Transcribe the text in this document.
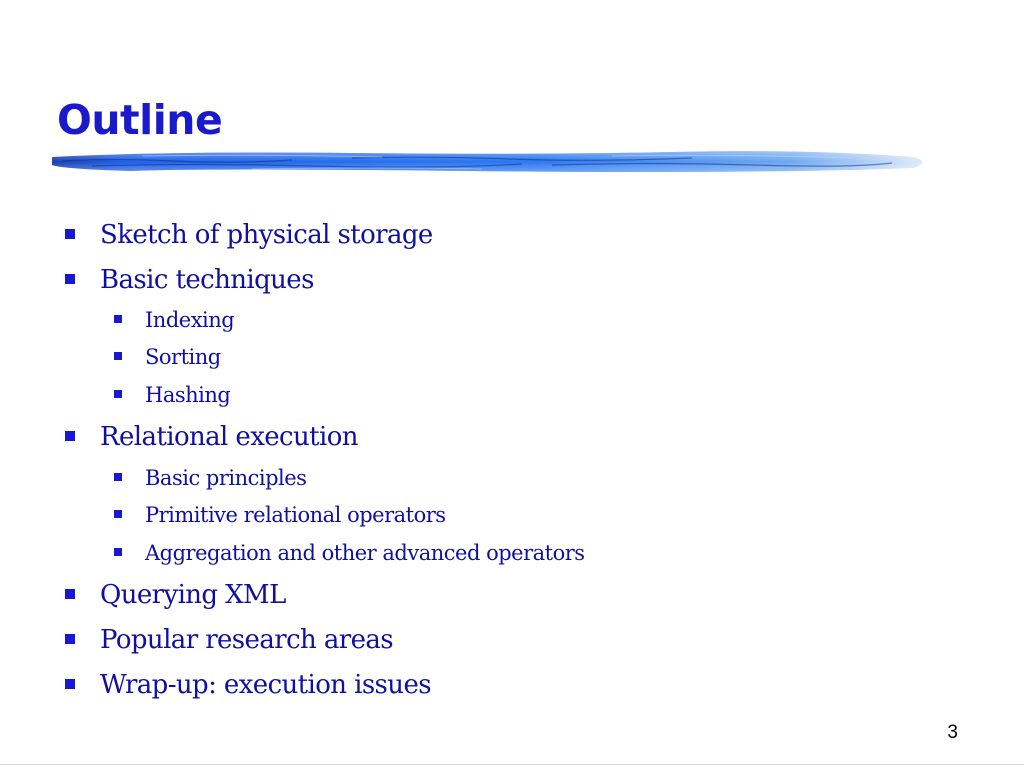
Outline
Sketch of physical storage
Basic techniques
Indexing
Sorting
Hashing
Relational execution
Basic principles
Primitive relational operators
Aggregation and other advanced operators
Querying XML
Popular research areas
Wrap-up: execution issues
3
